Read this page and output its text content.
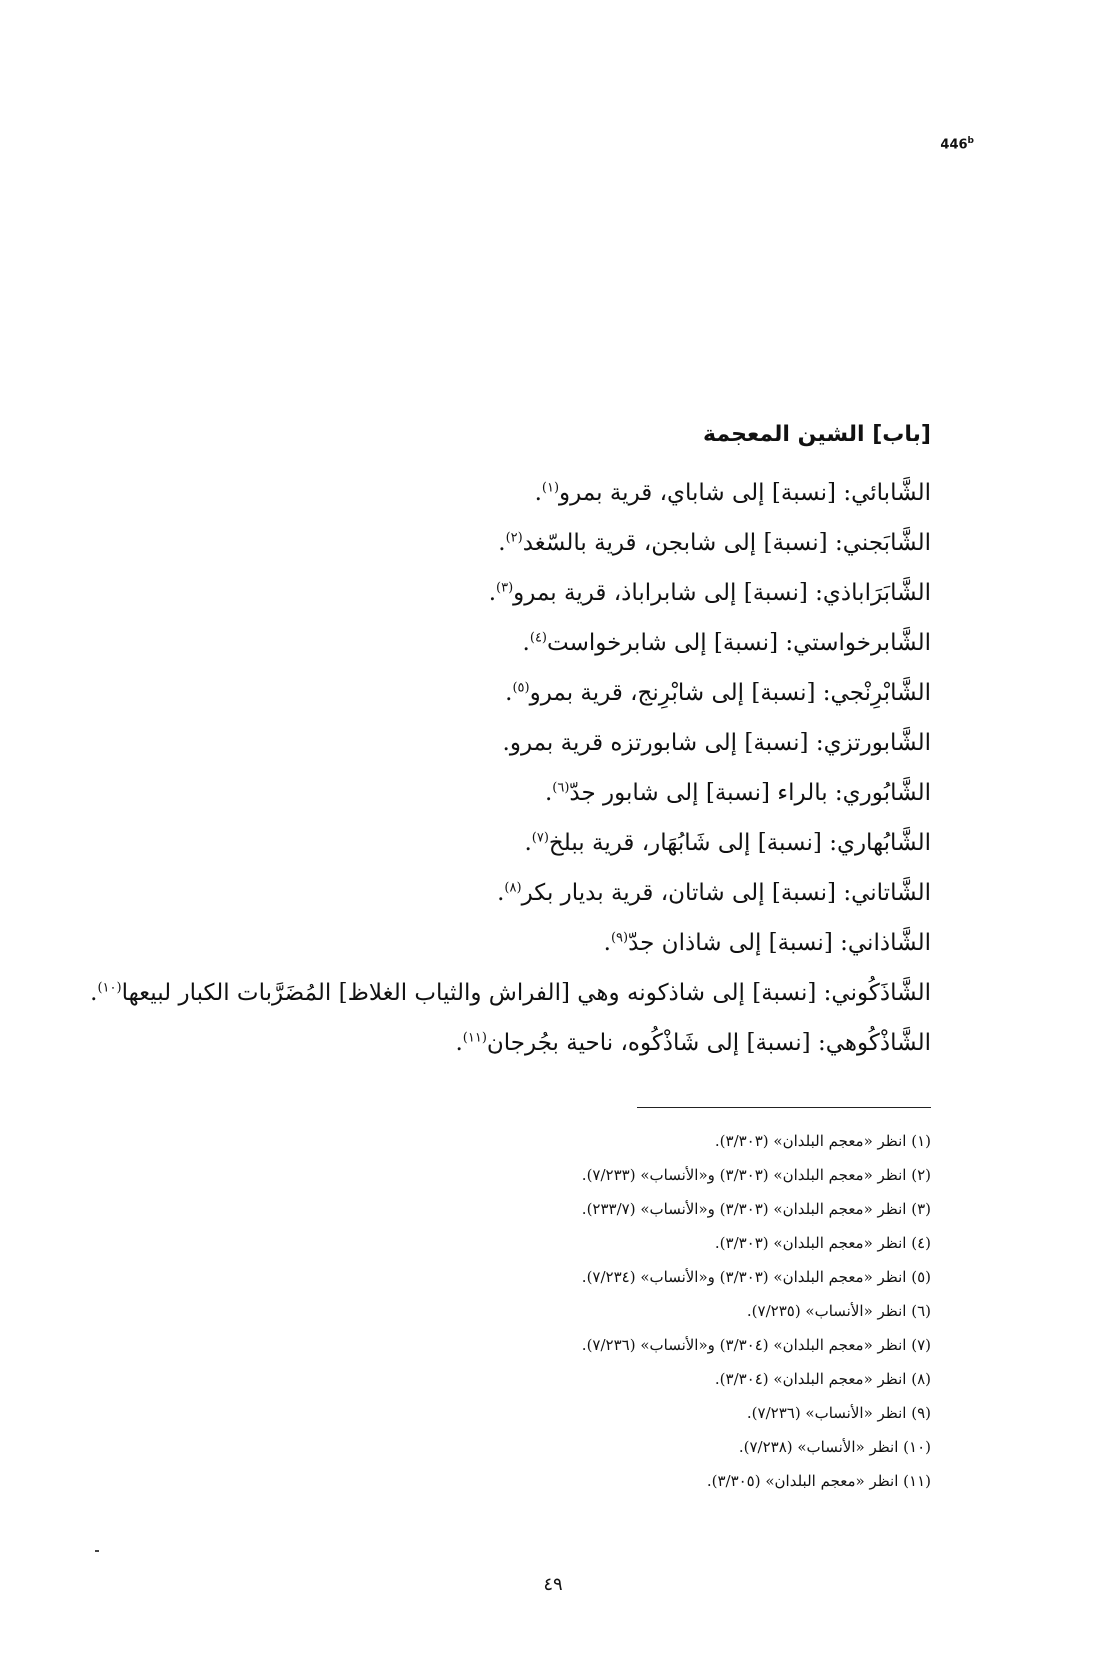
446$^b$
[باب] الشين المعجمة
الشَّابائي: [نسبة] إلى شاباي، قرية بمرو$^{(١)}$.
الشَّابَجني: [نسبة] إلى شابجن، قرية بالسّغد$^{(٢)}$.
الشَّابَرَاباذي: [نسبة] إلى شابراباذ، قرية بمرو$^{(٣)}$.
الشَّابرخواستي: [نسبة] إلى شابرخواست$^{(٤)}$.
الشَّابْرِنْجي: [نسبة] إلى شابْرِنج، قرية بمرو$^{(٥)}$.
الشَّابورتزي: [نسبة] إلى شابورتزه قرية بمرو.
الشَّابُوري: بالراء [نسبة] إلى شابور جدّ$^{(٦)}$.
الشَّابُهاري: [نسبة] إلى شَابُهَار، قرية ببلخ$^{(٧)}$.
الشَّاتاني: [نسبة] إلى شاتان، قرية بديار بكر$^{(٨)}$.
الشَّاذاني: [نسبة] إلى شاذان جدّ$^{(٩)}$.
الشَّاذَكُوني: [نسبة] إلى شاذكونه وهي [الفراش والثياب الغلاظ] المُضَرَّبات الكبار لبيعها$^{(١٠)}$.
الشَّاذْكُوهي: [نسبة] إلى شَاذْكُوه، ناحية بجُرجان$^{(١١)}$.
(١) انظر «معجم البلدان» (٣/٣٠٣).
(٢) انظر «معجم البلدان» (٣/٣٠٣) و«الأنساب» (٧/٢٣٣).
(٣) انظر «معجم البلدان» (٣/٣٠٣) و«الأنساب» (٢٣٣/٧).
(٤) انظر «معجم البلدان» (٣/٣٠٣).
(٥) انظر «معجم البلدان» (٣/٣٠٣) و«الأنساب» (٧/٢٣٤).
(٦) انظر «الأنساب» (٧/٢٣٥).
(٧) انظر «معجم البلدان» (٣/٣٠٤) و«الأنساب» (٧/٢٣٦).
(٨) انظر «معجم البلدان» (٣/٣٠٤).
(٩) انظر «الأنساب» (٧/٢٣٦).
(١٠) انظر «الأنساب» (٧/٢٣٨).
(١١) انظر «معجم البلدان» (٣/٣٠٥).
٤٩
